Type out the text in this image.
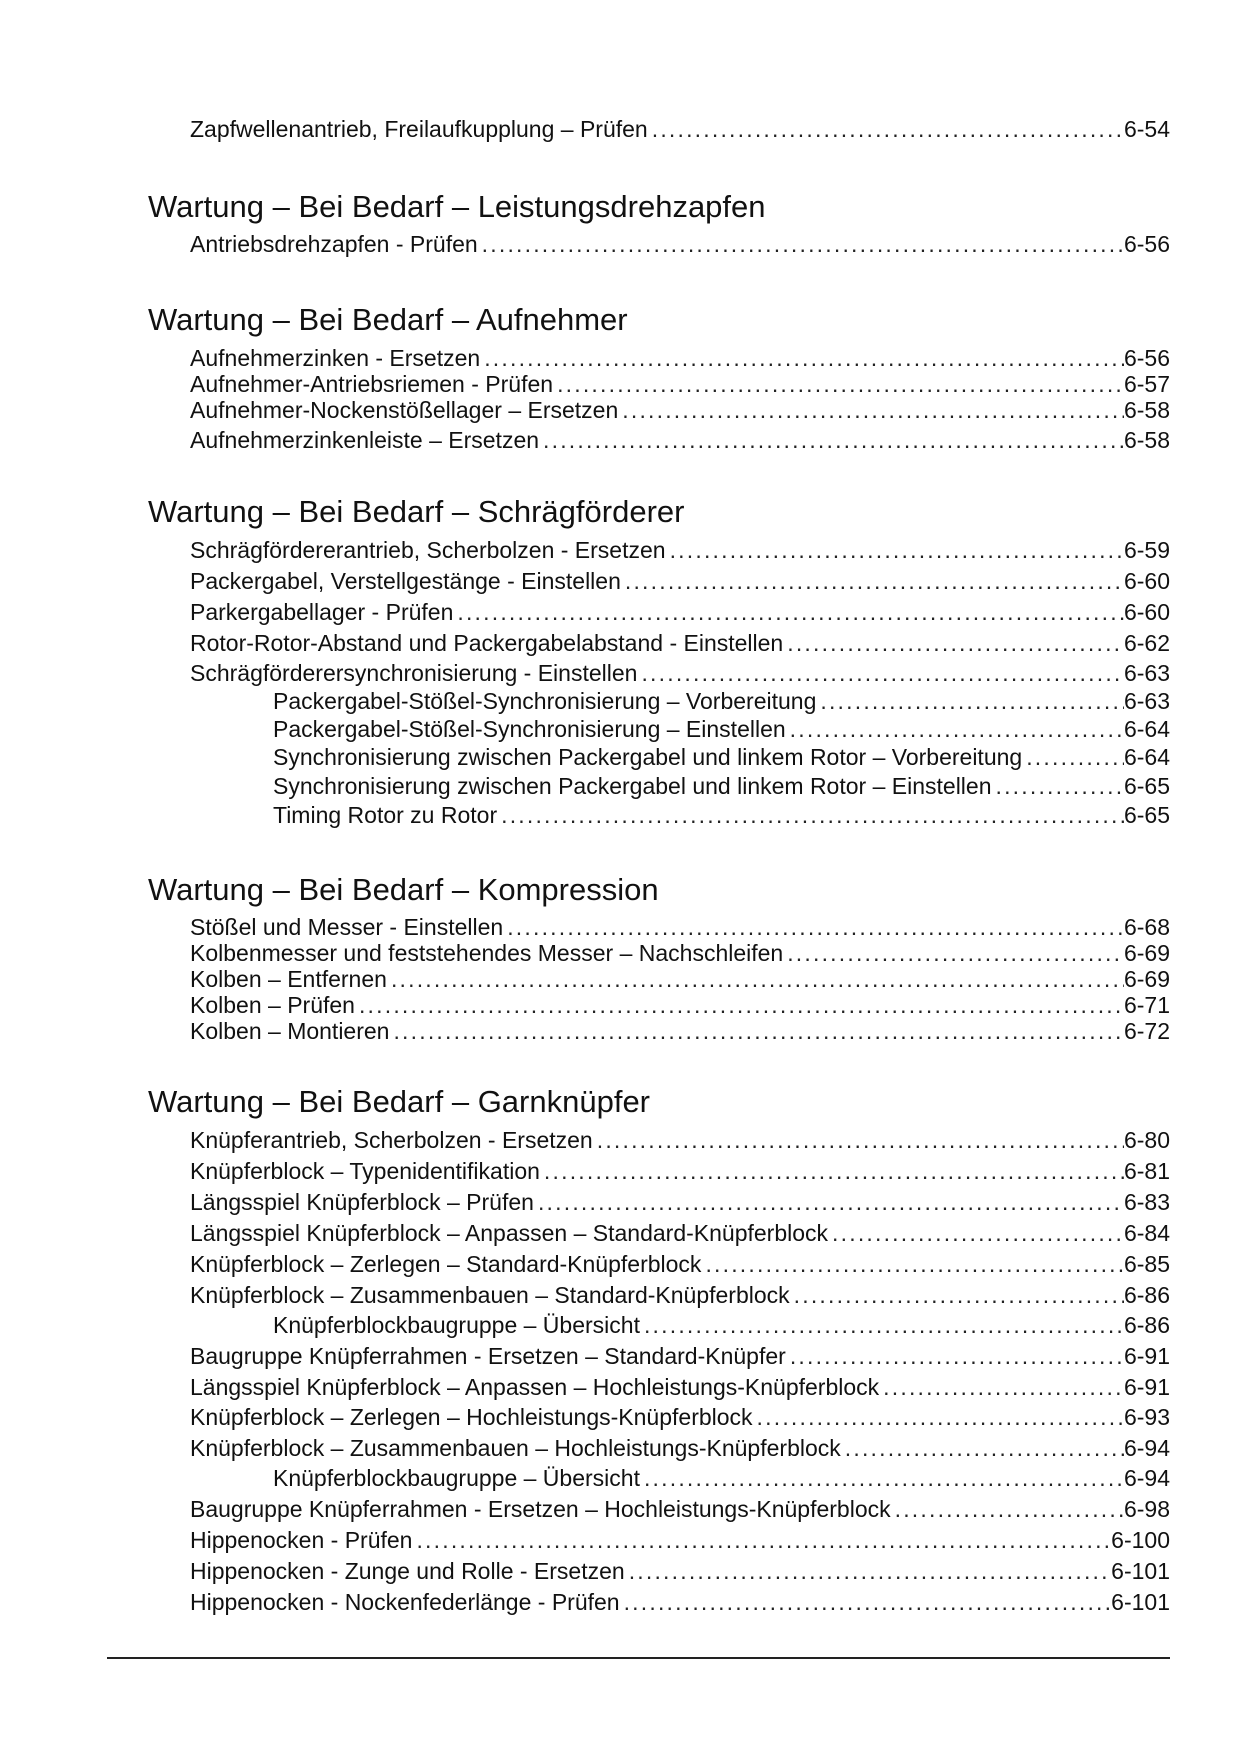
Zapfwellenantrieb, Freilaufkupplung – Prüfen .....	6-54
Wartung – Bei Bedarf – Leistungsdrehzapfen
Antriebsdrehzapfen - Prüfen .....	6-56
Wartung – Bei Bedarf – Aufnehmer
Aufnehmerzinken - Ersetzen .....	6-56
Aufnehmer-Antriebsriemen - Prüfen .....	6-57
Aufnehmer-Nockenstößellager – Ersetzen .....	6-58
Aufnehmerzinkenleiste – Ersetzen .....	6-58
Wartung – Bei Bedarf – Schrägförderer
Schrägfördererantrieb, Scherbolzen - Ersetzen .....	6-59
Packergabel, Verstellgestänge - Einstellen .....	6-60
Parkergabellager - Prüfen .....	6-60
Rotor-Rotor-Abstand und Packergabelabstand - Einstellen .....	6-62
Schrägförderersynchronisierung - Einstellen .....	6-63
Packergabel-Stößel-Synchronisierung – Vorbereitung .....	6-63
Packergabel-Stößel-Synchronisierung – Einstellen .....	6-64
Synchronisierung zwischen Packergabel und linkem Rotor – Vorbereitung .....	6-64
Synchronisierung zwischen Packergabel und linkem Rotor – Einstellen .....	6-65
Timing Rotor zu Rotor .....	6-65
Wartung – Bei Bedarf – Kompression
Stößel und Messer - Einstellen .....	6-68
Kolbenmesser und feststehendes Messer – Nachschleifen .....	6-69
Kolben – Entfernen .....	6-69
Kolben – Prüfen .....	6-71
Kolben – Montieren .....	6-72
Wartung – Bei Bedarf – Garnknüpfer
Knüpferantrieb, Scherbolzen - Ersetzen .....	6-80
Knüpferblock – Typenidentifikation .....	6-81
Längsspiel Knüpferblock – Prüfen .....	6-83
Längsspiel Knüpferblock – Anpassen – Standard-Knüpferblock .....	6-84
Knüpferblock – Zerlegen – Standard-Knüpferblock .....	6-85
Knüpferblock – Zusammenbauen – Standard-Knüpferblock .....	6-86
Knüpferblockbaugruppe – Übersicht .....	6-86
Baugruppe Knüpferrahmen - Ersetzen – Standard-Knüpfer .....	6-91
Längsspiel Knüpferblock – Anpassen – Hochleistungs-Knüpferblock .....	6-91
Knüpferblock – Zerlegen – Hochleistungs-Knüpferblock .....	6-93
Knüpferblock – Zusammenbauen – Hochleistungs-Knüpferblock .....	6-94
Knüpferblockbaugruppe – Übersicht .....	6-94
Baugruppe Knüpferrahmen - Ersetzen – Hochleistungs-Knüpferblock .....	6-98
Hippenocken - Prüfen .....	6-100
Hippenocken - Zunge und Rolle - Ersetzen .....	6-101
Hippenocken - Nockenfederlänge - Prüfen .....	6-101
